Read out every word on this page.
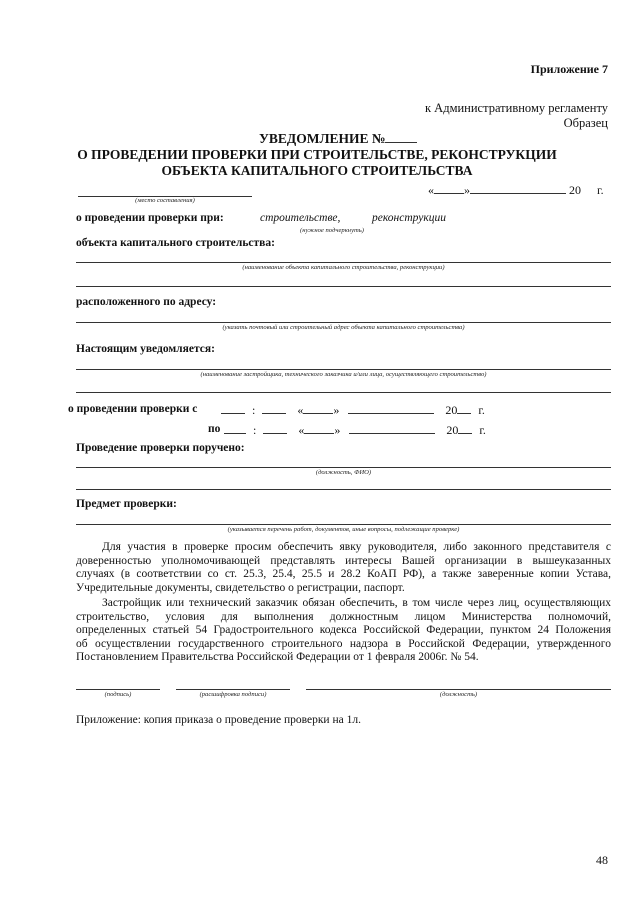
Приложение 7
к Административному регламенту
Образец
УВЕДОМЛЕНИЕ №
О ПРОВЕДЕНИИ ПРОВЕРКИ ПРИ СТРОИТЕЛЬСТВЕ, РЕКОНСТРУКЦИИ
ОБЪЕКТА КАПИТАЛЬНОГО СТРОИТЕЛЬСТВА
(место составления)
«	»	20 г.
о проведении проверки при:	строительстве,	реконструкции
(нужное подчеркнуть)
объекта капитального строительства:
(наименование объекта капитального строительства, реконструкции)
расположенного по адресу:
(указать почтовый или строительный адрес объекта капитального строительства)
Настоящим уведомляется:
(наименование застройщика, технического заказчика и/или лица, осуществляющего строительство)
о проведении проверки с	:	«	»	20 г.
по	:	«	»	20 г.
Проведение проверки поручено:
(должность, ФИО)
Предмет проверки:
(указывается перечень работ, документов, иные вопросы, подлежащие проверке)
Для участия в проверке просим обеспечить явку руководителя, либо законного представителя с
доверенностью уполномочивающей представлять интересы Вашей организации в вышеуказанных
случаях (в соответствии со ст. 25.3, 25.4, 25.5 и 28.2 КоАП РФ), а также заверенные копии Устава,
Учредительные документы, свидетельство о регистрации, паспорт.
Застройщик или технический заказчик обязан обеспечить, в том числе через лиц, осуществляющих
строительство, условия для выполнения должностным лицом Министерства полномочий,
определенных статьей 54 Градостроительного кодекса Российской Федерации, пунктом 24 Положения
об осуществлении государственного строительного надзора в Российской Федерации, утвержденного
Постановлением Правительства Российской Федерации от 1 февраля 2006г. № 54.
(подпись)	(расшифровка подписи)	(должность)
Приложение: копия приказа о проведение проверки на 1л.
48
